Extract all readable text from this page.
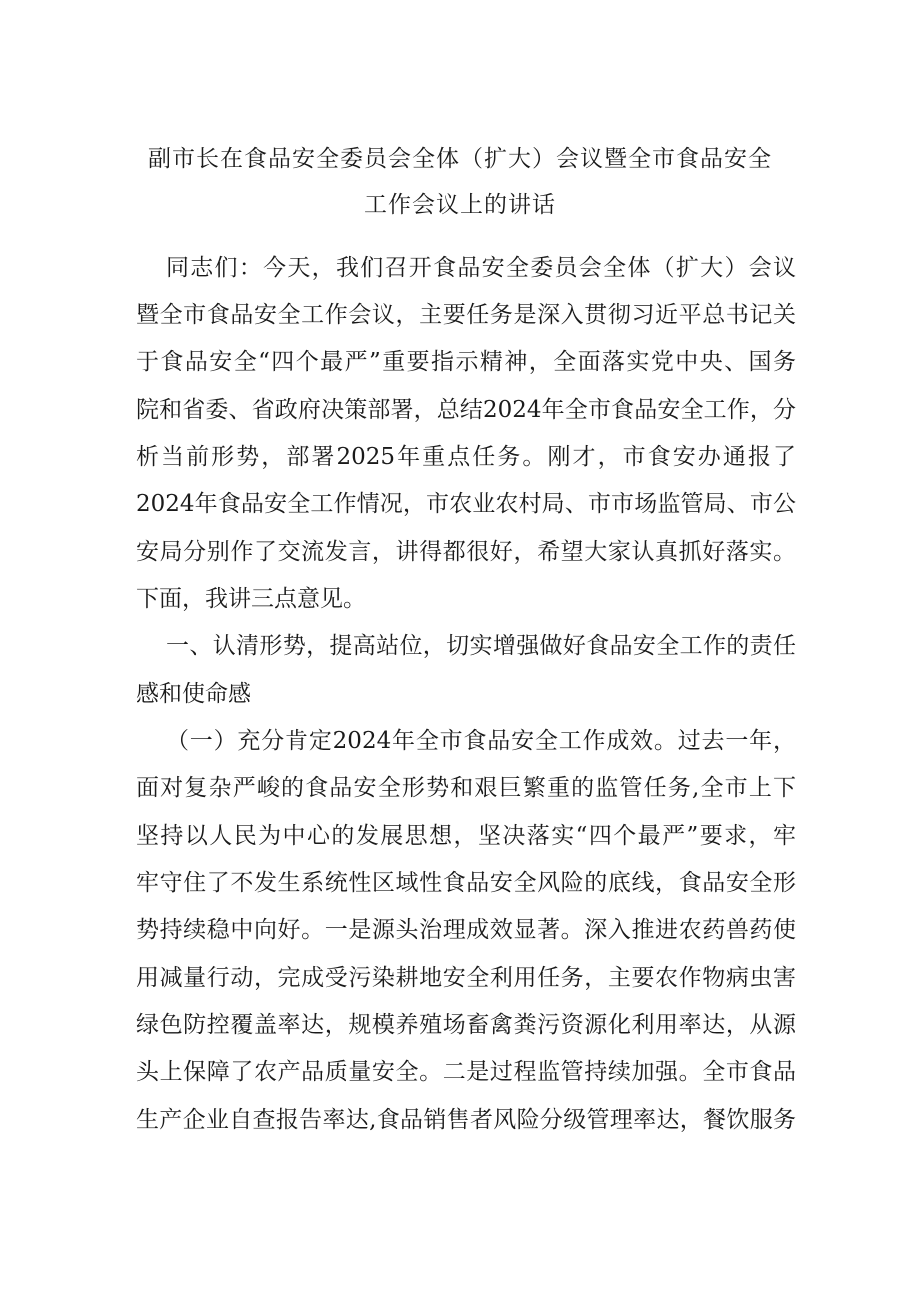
副市长在食品安全委员会全体（扩大）会议暨全市食品安全
工作会议上的讲话
同志们：今天，我们召开食品安全委员会全体（扩大）会议
暨全市食品安全工作会议，主要任务是深入贯彻习近平总书记关
于食品安全“四个最严”重要指示精神，全面落实党中央、国务
院和省委、省政府决策部署，总结2024年全市食品安全工作，分
析当前形势，部署2025年重点任务。刚才，市食安办通报了
2024年食品安全工作情况，市农业农村局、市市场监管局、市公
安局分别作了交流发言，讲得都很好，希望大家认真抓好落实。
下面，我讲三点意见。
一、认清形势，提高站位，切实增强做好食品安全工作的责任
感和使命感
（一）充分肯定2024年全市食品安全工作成效。过去一年，
面对复杂严峻的食品安全形势和艰巨繁重的监管任务,全市上下
坚持以人民为中心的发展思想，坚决落实“四个最严”要求，牢
牢守住了不发生系统性区域性食品安全风险的底线，食品安全形
势持续稳中向好。一是源头治理成效显著。深入推进农药兽药使
用减量行动，完成受污染耕地安全利用任务，主要农作物病虫害
绿色防控覆盖率达，规模养殖场畜禽粪污资源化利用率达，从源
头上保障了农产品质量安全。二是过程监管持续加强。全市食品
生产企业自查报告率达,食品销售者风险分级管理率达，餐饮服务
